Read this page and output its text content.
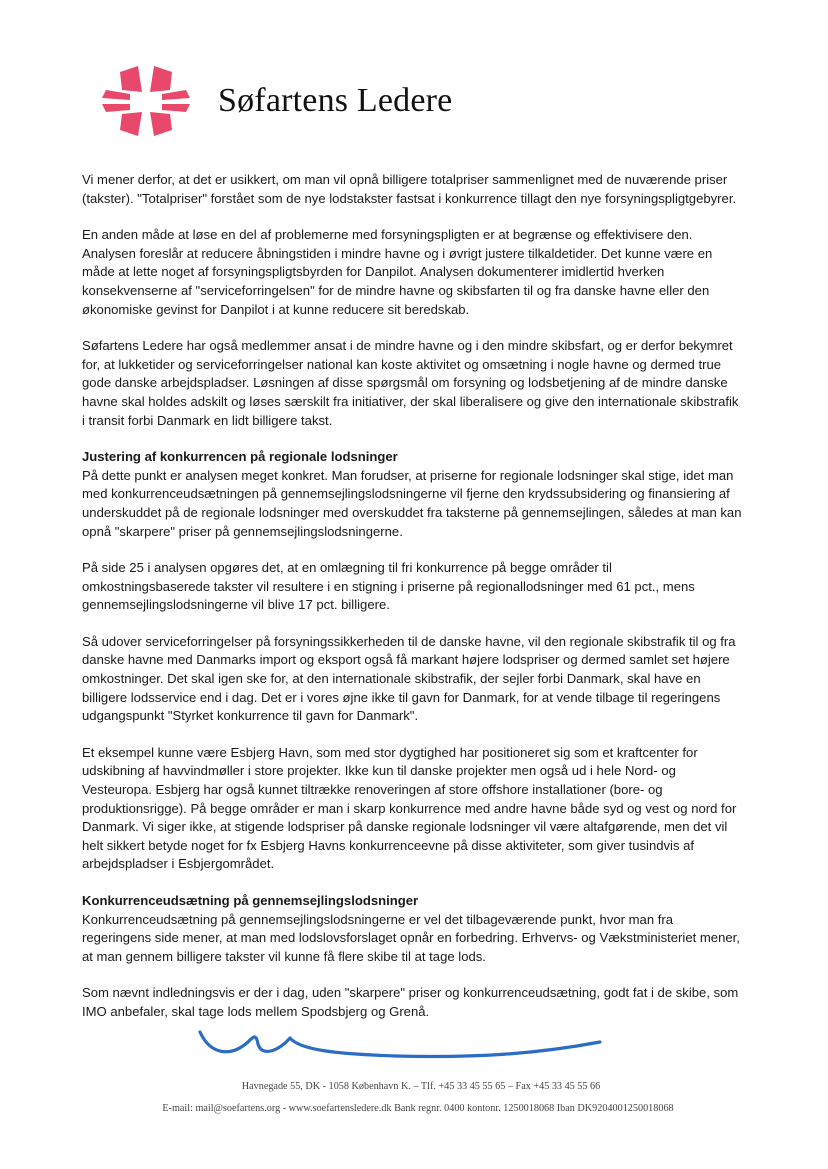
Søfartens Ledere

Vi mener derfor, at det er usikkert, om man vil opnå billigere totalpriser sammenlignet med de nuværende priser (takster). "Totalpriser" forstået som de nye lodstakster fastsat i konkurrence tillagt den nye forsyningspligtgebyrer.

En anden måde at løse en del af problemerne med forsyningspligten er at begrænse og effektivisere den. Analysen foreslår at reducere åbningstiden i mindre havne og i øvrigt justere tilkaldetider. Det kunne være en måde at lette noget af forsyningspligtsbyrden for Danpilot. Analysen dokumenterer imidlertid hverken konsekvenserne af "serviceforringelsen" for de mindre havne og skibsfarten til og fra danske havne eller den økonomiske gevinst for Danpilot i at kunne reducere sit beredskab.

Søfartens Ledere har også medlemmer ansat i de mindre havne og i den mindre skibsfart, og er derfor bekymret for, at lukketider og serviceforringelser national kan koste aktivitet og omsætning i nogle havne og dermed true gode danske arbejdspladser. Løsningen af disse spørgsmål om forsyning og lodsbetjening af de mindre danske havne skal holdes adskilt og løses særskilt fra initiativer, der skal liberalisere og give den internationale skibstrafik i transit forbi Danmark en lidt billigere takst.

Justering af konkurrencen på regionale lodsninger

På dette punkt er analysen meget konkret. Man forudser, at priserne for regionale lodsninger skal stige, idet man med konkurrenceudsætningen på gennemsejlingslodsningerne vil fjerne den krydssubsidering og finansiering af underskuddet på de regionale lodsninger med overskuddet fra taksterne på gennemsejlingen, således at man kan opnå "skarpere" priser på gennemsejlingslodsningerne.

På side 25 i analysen opgøres det, at en omlægning til fri konkurrence på begge områder til omkostningsbaserede takster vil resultere i en stigning i priserne på regionallodsninger med 61 pct., mens gennemsejlingslodsningerne vil blive 17 pct. billigere.

Så udover serviceforringelser på forsyningssikkerheden til de danske havne, vil den regionale skibstrafik til og fra danske havne med Danmarks import og eksport også få markant højere lodspriser og dermed samlet set højere omkostninger. Det skal igen ske for, at den internationale skibstrafik, der sejler forbi Danmark, skal have en billigere lodsservice end i dag. Det er i vores øjne ikke til gavn for Danmark, for at vende tilbage til regeringens udgangspunkt "Styrket konkurrence til gavn for Danmark".

Et eksempel kunne være Esbjerg Havn, som med stor dygtighed har positioneret sig som et kraftcenter for udskibning af havvindmøller i store projekter. Ikke kun til danske projekter men også ud i hele Nord- og Vesteuropa. Esbjerg har også kunnet tiltrække renoveringen af store offshore installationer (bore- og produktionsrigge). På begge områder er man i skarp konkurrence med andre havne både syd og vest og nord for Danmark. Vi siger ikke, at stigende lodspriser på danske regionale lodsninger vil være altafgørende, men det vil helt sikkert betyde noget for fx Esbjerg Havns konkurrenceevne på disse aktiviteter, som giver tusindvis af arbejdspladser i Esbjergområdet.

Konkurrenceudsætning på gennemsejlingslodsninger

Konkurrenceudsætning på gennemsejlingslodsningerne er vel det tilbageværende punkt, hvor man fra regeringens side mener, at man med lodslovsforslaget opnår en forbedring. Erhvervs- og Vækstministeriet mener, at man gennem billigere takster vil kunne få flere skibe til at tage lods.

Som nævnt indledningsvis er der i dag, uden "skarpere" priser og konkurrenceudsætning, godt fat i de skibe, som IMO anbefaler, skal tage lods mellem Spodsbjerg og Grenå.

Havnegade 55, DK - 1058 København K. – Tlf. +45 33 45 55 65 – Fax +45 33 45 55 66
E-mail: mail@soefartens.org - www.soefartensledere.dk Bank regnr. 0400 kontonr. 1250018068 Iban DK9204001250018068
